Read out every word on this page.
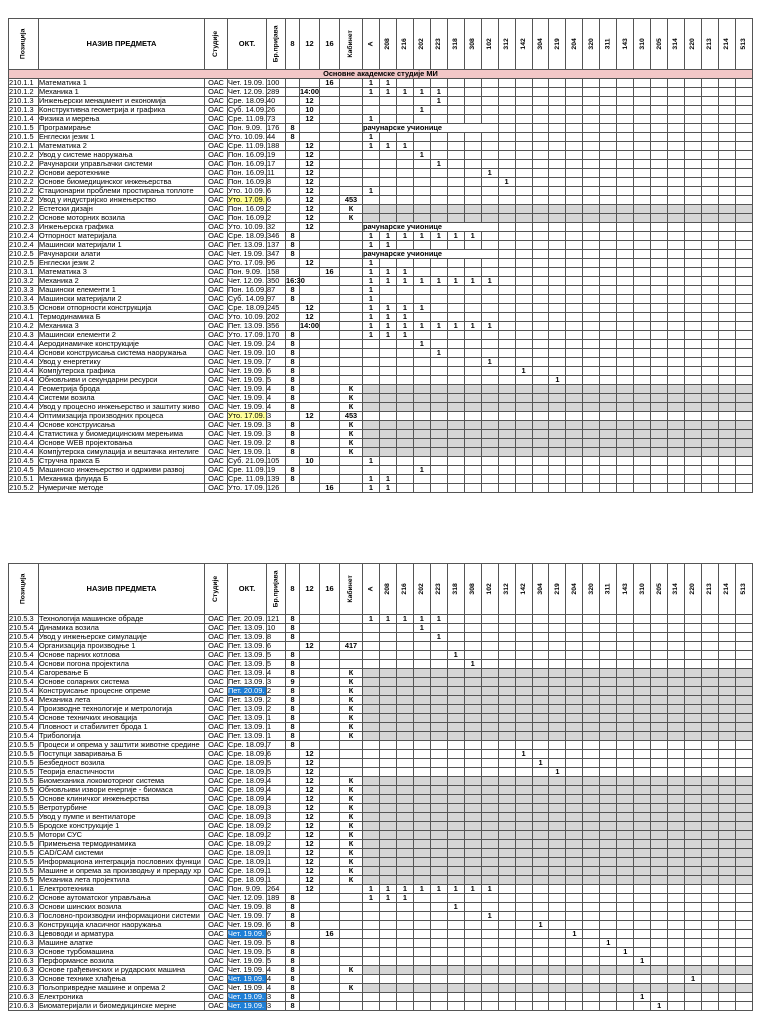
Позиција	НАЗИВ ПРЕДМЕТА	Студије	ОКТ.	Бр.пријава	8	12	16	Кабинет	А	208	216	202	223	318	308	102	312	142	304	219	204	320	311	143	310	205	314	220	213	214	513

Основне академске студије МИ																															
210.1.1	Математика 1	ОАС	Чет. 19.09.	100			16		1	1																					
210.1.2	Механика 1	ОАС	Чет. 12.09.	289		14:00			1	1	1	1	1																		
210.1.3	Инжењерски менаџмент и економија	ОАС	Сре. 18.09.	40		12							1																		
210.1.3	Конструктивна геометрија и графика	ОАС	Суб. 14.09.	26		10						1																			
210.1.4	Физика и мерења	ОАС	Сре. 11.09.	73		12			1																						
210.1.5	Програмирање	ОАС	Пон. 9.09.	176	8				рачунарске учионице																						
210.1.5	Енглески језик 1	ОАС	Уто. 10.09.	44	8				1																						
210.2.1	Математика 2	ОАС	Сре. 11.09.	188		12			1	1	1																				
210.2.2	Увод у системе наоружања	ОАС	Пон. 16.09.	19		12						1																			
210.2.2	Рачунарски управљачки системи	ОАС	Пон. 16.09.	17		12							1																		
210.2.2	Основи аеротехнике	ОАС	Пон. 16.09.	11		12										1															
210.2.2	Основе биомедицинског инжењерства	ОАС	Пон. 16.09.	8		12											1														
210.2.2	Стационарни проблеми простирања топлоте	ОАС	Уто. 10.09.	6		12			1																						
210.2.2	Увод у индустријско инжењерство	ОАС	Уто. 17.09.	6		12		453																							
210.2.2	Естетски дизајн	ОАС	Пон. 16.09.	2		12		К																							
210.2.2	Основе моторних возила	ОАС	Пон. 16.09.	2		12		К																							
210.2.3	Инжењерска графика	ОАС	Уто. 10.09.	32		12			рачунарске учионице																						
210.2.4	Отпорност материјала	ОАС	Сре. 18.09.	346	8				1	1	1	1	1	1	1																
210.2.4	Машински материјали 1	ОАС	Пет. 13.09.	137	8				1	1																					
210.2.5	Рачунарски алати	ОАС	Чет. 19.09.	347	8				рачунарске учионице																						
210.2.5	Енглески језик 2	ОАС	Уто. 17.09.	96		12			1																						
210.3.1	Математика 3	ОАС	Пон. 9.09.	158			16		1	1	1																				
210.3.2	Механика 2	ОАС	Чет. 12.09.	350	16:30				1	1	1	1	1	1	1	1															
210.3.3	Машински елементи 1	ОАС	Пон. 16.09.	87	8				1																						
210.3.4	Машински материјали 2	ОАС	Суб. 14.09.	97	8				1																						
210.3.5	Основи отпорности конструкција	ОАС	Сре. 18.09.	245		12			1	1	1	1																			
210.4.1	Термодинамика Б	ОАС	Уто. 10.09.	202		12			1	1	1																				
210.4.2	Механика 3	ОАС	Пет. 13.09.	356		14:00			1	1	1	1	1	1	1	1															
210.4.3	Машински елементи 2	ОАС	Уто. 17.09.	170	8				1	1	1																				
210.4.4	Аеродинамичке конструкције	ОАС	Чет. 19.09.	24	8							1																			
210.4.4	Основи конструисања система наоружања	ОАС	Чет. 19.09.	10	8								1																		
210.4.4	Увод у енергетику	ОАС	Чет. 19.09.	7	8											1															
210.4.4	Компјутерска графика	ОАС	Чет. 19.09.	6	8													1													
210.4.4	Обновљиви и секундарни ресурси	ОАС	Чет. 19.09.	5	8															1											
210.4.4	Геометрија брода	ОАС	Чет. 19.09.	4	8			К																							
210.4.4	Системи возила	ОАС	Чет. 19.09.	4	8			К																							
210.4.4	Увод у процесно инжењерство и заштиту живо	ОАС	Чет. 19.09.	4	8			К																							
210.4.4	Оптимизација производних процеса	ОАС	Уто. 17.09.	3		12		453																							
210.4.4	Основе конструисања	ОАС	Чет. 19.09.	3	8			К																							
210.4.4	Статистика у биомедицинским мерењима	ОАС	Чет. 19.09.	3	8			К																							
210.4.4	Основе WEB пројектовања	ОАС	Чет. 19.09.	2	8			К																							
210.4.4	Компјутерска симулација и вештачка интелиге	ОАС	Чет. 19.09.	1	8			К																							
210.4.5	Стручна пракса Б	ОАС	Суб. 21.09.	105		10			1																						
210.4.5	Машинско инжењерство и одрживи развој	ОАС	Сре. 11.09.	19	8							1																			
210.5.1	Механика флуида Б	ОАС	Сре. 11.09.	139	8				1	1																					
210.5.2	Нумеричке методе	ОАС	Уто. 17.09.	126			16		1	1																					
Позиција	НАЗИВ ПРЕДМЕТА	Студије	ОКТ.	Бр.пријава	8	12	16	Кабинет	А	208	216	202	223	318	308	102	312	142	304	219	204	320	311	143	310	205	314	220	213	214	513

210.5.3	Технологија машинске обраде	ОАС	Пет. 20.09.	121	8				1	1	1	1	1																		
210.5.4	Динамика возила	ОАС	Пет. 13.09.	10	8							1																			
210.5.4	Увод у инжењерске симулације	ОАС	Пет. 13.09.	8	8								1																		
210.5.4	Организација производње 1	ОАС	Пет. 13.09.	6		12		417																							
210.5.4	Основе парних котлова	ОАС	Пет. 13.09.	5	8									1																	
210.5.4	Основи погона пројектила	ОАС	Пет. 13.09.	5	8										1																
210.5.4	Сагоревање Б	ОАС	Пет. 13.09.	4	8			К																							
210.5.4	Основе соларних система	ОАС	Пет. 13.09.	3	9			К																							
210.5.4	Конструисање процесне опреме	ОАС	Пет. 20.09.	2	8			К																							
210.5.4	Механика лета	ОАС	Пет. 13.09.	2	8			К																							
210.5.4	Производне технологије и метрологија	ОАС	Пет. 13.09.	2	8			К																							
210.5.4	Основе техничких иновација	ОАС	Пет. 13.09.	1	8			К																							
210.5.4	Пловност и стабилитет брода 1	ОАС	Пет. 13.09.	1	8			К																							
210.5.4	Трибологија	ОАС	Пет. 13.09.	1	8			К																							
210.5.5	Процеси и опрема у заштити животне средине	ОАС	Сре. 18.09.	7	8																										
210.5.5	Поступци заваривања Б	ОАС	Сре. 18.09.	6		12												1													
210.5.5	Безбедност возила	ОАС	Сре. 18.09.	5		12													1												
210.5.5	Теорија еластичности	ОАС	Сре. 18.09.	5		12														1											
210.5.5	Биомеханика локомоторног система	ОАС	Сре. 18.09.	4		12		К																							
210.5.5	Обновљиви извори енергије - биомаса	ОАС	Сре. 18.09.	4		12		К																							
210.5.5	Основе клиничког инжењерства	ОАС	Сре. 18.09.	4		12		К																							
210.5.5	Ветротурбине	ОАС	Сре. 18.09.	3		12		К																							
210.5.5	Увод у пумпе и вентилаторе	ОАС	Сре. 18.09.	3		12		К																							
210.5.5	Бродске конструкције 1	ОАС	Сре. 18.09.	2		12		К																							
210.5.5	Мотори СУС	ОАС	Сре. 18.09.	2		12		К																							
210.5.5	Примењена термодинамика	ОАС	Сре. 18.09.	2		12		К																							
210.5.5	CAD/CAM системи	ОАС	Сре. 18.09.	1		12		К																							
210.5.5	Информациона интеграција пословних функци	ОАС	Сре. 18.09.	1		12		К																							
210.5.5	Машине и опрема за производњу и прераду хр	ОАС	Сре. 18.09.	1		12		К																							
210.5.5	Механика лета пројектила	ОАС	Сре. 18.09.	1		12		К																							
210.6.1	Електротехника	ОАС	Пон. 9.09.	264		12			1	1	1	1	1	1	1	1															
210.6.2	Основе аутоматског управљања	ОАС	Чет. 12.09.	189	8				1	1	1																				
210.6.3	Основи шинских возила	ОАС	Чет. 19.09.	8	8									1																	
210.6.3	Пословно-производни информациони системи	ОАС	Чет. 19.09.	7	8											1															
210.6.3	Конструкција класичног наоружања	ОАС	Чет. 19.09.	6	8														1												
210.6.3	Цевоводи и арматура	ОАС	Чет. 19.09.	6			16														1										
210.6.3	Машине алатке	ОАС	Чет. 19.09.	5	8																		1								
210.6.3	Основе турбомашина	ОАС	Чет. 19.09.	5	8																			1							
210.6.3	Перформансе возила	ОАС	Чет. 19.09.	5	8																				1						
210.6.3	Основе грађевинских и рударских машина	ОАС	Чет. 19.09.	4	8			К																							
210.6.3	Основе технике хлађења	ОАС	Чет. 19.09.	4	8																							1			
210.6.3	Пољопривредне машине и опрема 2	ОАС	Чет. 19.09.	4	8			К																							
210.6.3	Електроника	ОАС	Чет. 19.09.	3	8																				1						
210.6.3	Биоматеријали и биомедицинске мерне	ОАС	Чет. 19.09.	3	8																					1					
